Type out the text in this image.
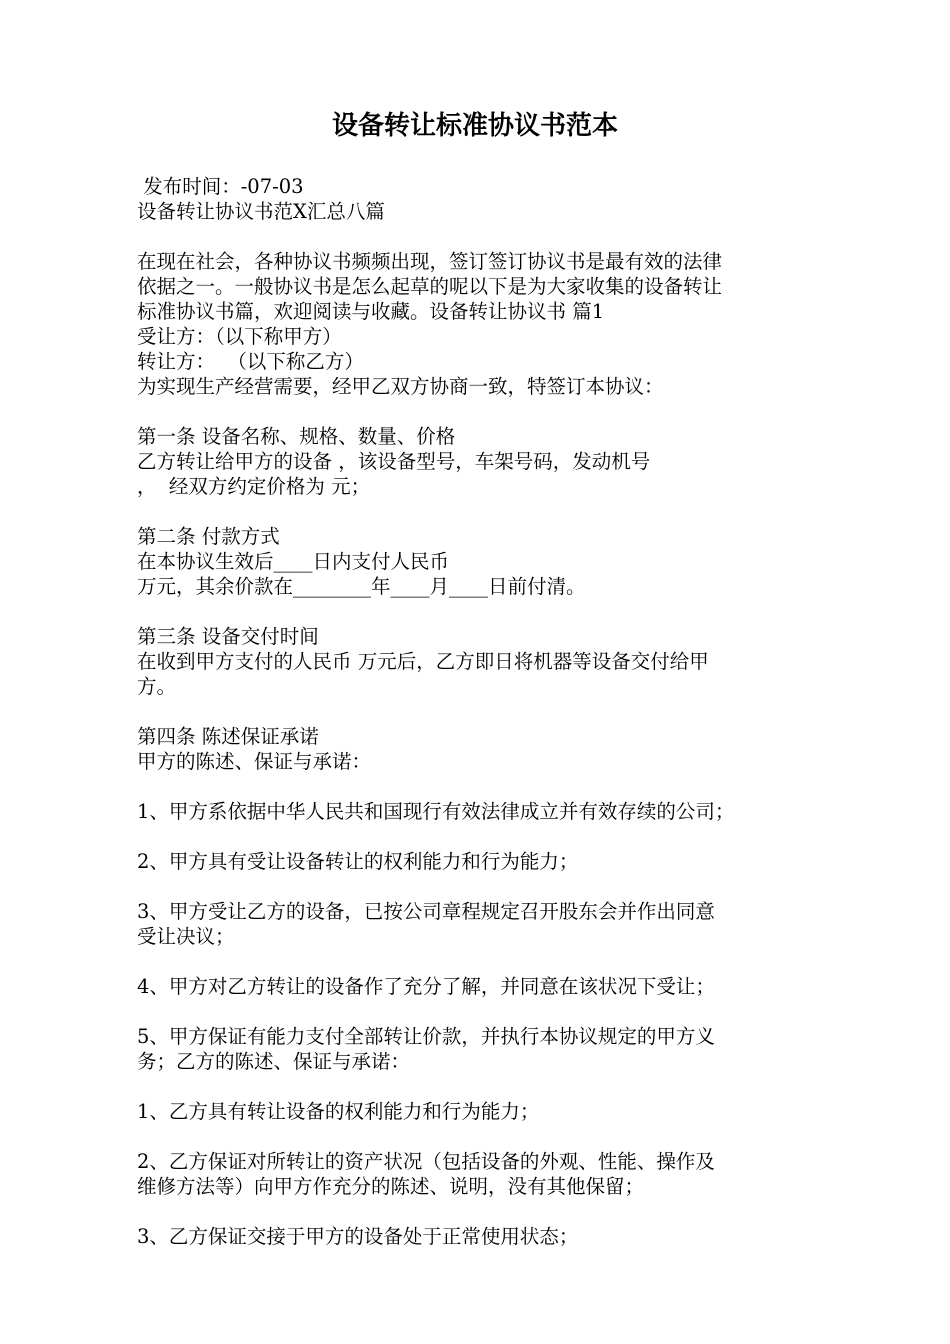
设备转让标准协议书范本
发布时间：-07-03
设备转让协议书范X汇总八篇
在现在社会，各种协议书频频出现，签订签订协议书是最有效的法律
依据之一。一般协议书是怎么起草的呢以下是为大家收集的设备转让
标准协议书篇，欢迎阅读与收藏。设备转让协议书 篇1
受让方：（以下称甲方）
转让方：  （以下称乙方）
为实现生产经营需要，经甲乙双方协商一致，特签订本协议：
第一条 设备名称、规格、数量、价格
乙方转让给甲方的设备 ，该设备型号，车架号码，发动机号
，  经双方约定价格为 元；
第二条 付款方式
在本协议生效后____日内支付人民币
万元，其余价款在________年____月____日前付清。
第三条 设备交付时间
在收到甲方支付的人民币 万元后，乙方即日将机器等设备交付给甲
方。
第四条 陈述保证承诺
甲方的陈述、保证与承诺：
1、甲方系依据中华人民共和国现行有效法律成立并有效存续的公司；
2、甲方具有受让设备转让的权利能力和行为能力；
3、甲方受让乙方的设备，已按公司章程规定召开股东会并作出同意
受让决议；
4、甲方对乙方转让的设备作了充分了解，并同意在该状况下受让；
5、甲方保证有能力支付全部转让价款，并执行本协议规定的甲方义
务；乙方的陈述、保证与承诺：
1、乙方具有转让设备的权利能力和行为能力；
2、乙方保证对所转让的资产状况（包括设备的外观、性能、操作及
维修方法等）向甲方作充分的陈述、说明，没有其他保留；
3、乙方保证交接于甲方的设备处于正常使用状态；
